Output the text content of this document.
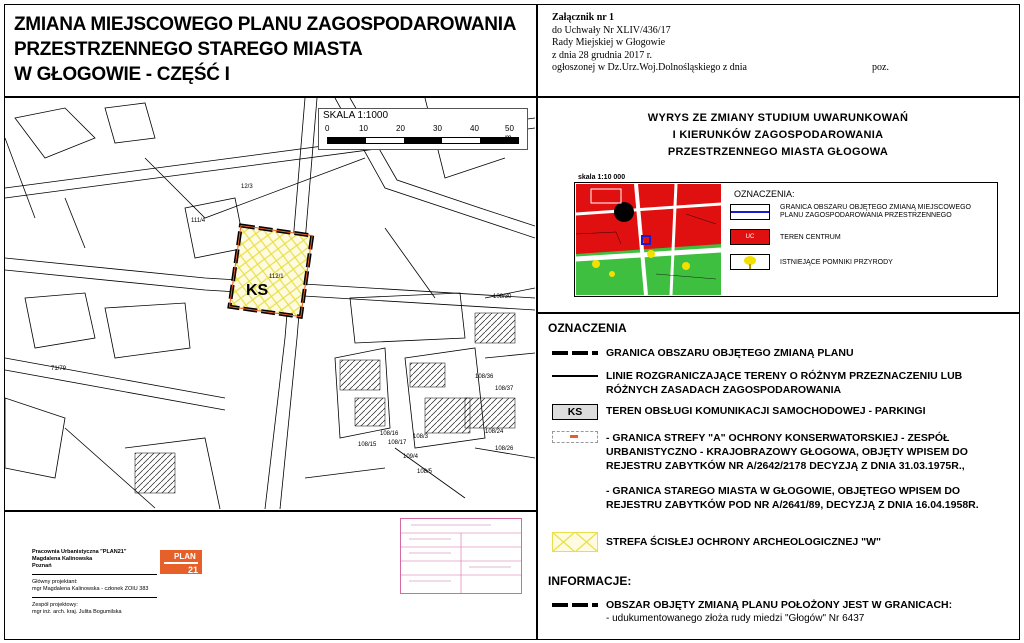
ZMIANA MIEJSCOWEGO PLANU ZAGOSPODAROWANIA
PRZESTRZENNEGO STAREGO MIASTA
W GŁOGOWIE - CZĘŚĆ I
Załącznik nr 1
do Uchwały Nr XLIV/436/17
Rady Miejskiej w Głogowie
z dnia 28 grudnia 2017 r.
ogłoszonej w Dz.Urz.Woj.Dolnośląskiego z dnia	poz.
112/1
12/3
111/4
108/30
108/16
108/17
108/26
108/15
108/24
108/36
108/37
71/79
108/3
109/4
108/5
KS
SKALA 1:1000
0	10	20	30	40	50
Pracownia Urbanistyczna "PLAN21"
Magdalena Kalinowska
Poznań
Główny projektant:
mgr Magdalena Kalinowska - członek ZOIU 383
Zespół projektowy:
mgr inż. arch. kraj. Julita Bogumilska
PLAN
21
WYRYS ZE ZMIANY STUDIUM UWARUNKOWAŃ
I KIERUNKÓW ZAGOSPODAROWANIA
PRZESTRZENNEGO MIASTA GŁOGOWA
skala 1:10 000
OZNACZENIA:
GRANICA OBSZARU OBJĘTEGO ZMIANĄ MIEJSCOWEGO PLANU ZAGOSPODAROWANIA PRZESTRZENNEGO
UC	TEREN CENTRUM
ISTNIEJĄCE POMNIKI PRZYRODY
OZNACZENIA
GRANICA OBSZARU OBJĘTEGO ZMIANĄ PLANU
LINIE ROZGRANICZAJĄCE TERENY O RÓŻNYM PRZEZNACZENIU LUB RÓŻNYCH ZASADACH ZAGOSPODAROWANIA
KS	TEREN OBSŁUGI KOMUNIKACJI SAMOCHODOWEJ - PARKINGI
- GRANICA STREFY "A" OCHRONY KONSERWATORSKIEJ - ZESPÓŁ URBANISTYCZNO - KRAJOBRAZOWY GŁOGOWA, OBJĘTY WPISEM DO REJESTRU ZABYTKÓW NR A/2642/2178 DECYZJĄ Z DNIA 31.03.1975R.,
- GRANICA STAREGO MIASTA W GŁOGOWIE, OBJĘTEGO WPISEM DO REJESTRU ZABYTKÓW POD NR A/2641/89, DECYZJĄ Z DNIA 16.04.1958R.
STREFA ŚCISŁEJ OCHRONY ARCHEOLOGICZNEJ "W"
INFORMACJE:
OBSZAR OBJĘTY ZMIANĄ PLANU POŁOŻONY JEST W GRANICACH:
- udukumentowanego złoża rudy miedzi "Głogów" Nr 6437
